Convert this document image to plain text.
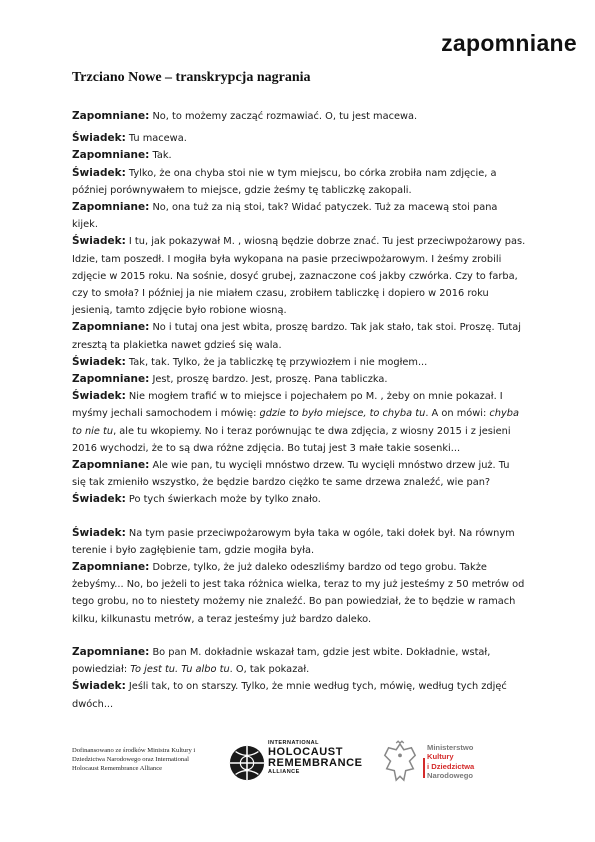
zapomniane
Trzciano Nowe – transkrypcja nagrania

Zapomniane: No, to możemy zacząć rozmawiać. O, tu jest macewa.

Świadek: Tu macewa.

Zapomniane: Tak.

Świadek: Tylko, że ona chyba stoi nie w tym miejscu, bo córka zrobiła nam zdjęcie, a później porównywałem to miejsce, gdzie żeśmy tę tabliczkę zakopali.

Zapomniane: No, ona tuż za nią stoi, tak? Widać patyczek. Tuż za macewą stoi pana kijek.

Świadek: I tu, jak pokazywał M. , wiosną będzie dobrze znać. Tu jest przeciwpożarowy pas. Idzie, tam poszedł. I mogiła była wykopana na pasie przeciwpożarowym. I żeśmy zrobili zdjęcie w 2015 roku. Na sośnie, dosyć grubej, zaznaczone coś jakby czwórka. Czy to farba, czy to smoła? I później ja nie miałem czasu, zrobiłem tabliczkę i dopiero w 2016 roku jesienią, tamto zdjęcie było robione wiosną.

Zapomniane: No i tutaj ona jest wbita, proszę bardzo. Tak jak stało, tak stoi. Proszę. Tutaj zresztą ta plakietka nawet gdzieś się wala.

Świadek: Tak, tak. Tylko, że ja tabliczkę tę przywiozłem i nie mogłem...

Zapomniane: Jest, proszę bardzo. Jest, proszę. Pana tabliczka.

Świadek: Nie mogłem trafić w to miejsce i pojechałem po M. , żeby on mnie pokazał. I myśmy jechali samochodem i mówię: gdzie to było miejsce, to chyba tu. A on mówi: chyba to nie tu, ale tu wkopiemy. No i teraz porównując te dwa zdjęcia, z wiosny 2015 i z jesieni 2016 wychodzi, że to są dwa różne zdjęcia. Bo tutaj jest 3 małe takie sosenki...

Zapomniane: Ale wie pan, tu wycięli mnóstwo drzew. Tu wycięli mnóstwo drzew już. Tu się tak zmieniło wszystko, że będzie bardzo ciężko te same drzewa znaleźć, wie pan?

Świadek: Po tych świerkach może by tylko znało.

Świadek: Na tym pasie przeciwpożarowym była taka w ogóle, taki dołek był. Na równym terenie i było zagłębienie tam, gdzie mogiła była.

Zapomniane: Dobrze, tylko, że już daleko odeszliśmy bardzo od tego grobu. Także żebyśmy... No, bo jeżeli to jest taka różnica wielka, teraz to my już jesteśmy z 50 metrów od tego grobu, no to niestety możemy nie znaleźć. Bo pan powiedział, że to będzie w ramach kilku, kilkunastu metrów, a teraz jesteśmy już bardzo daleko.

Zapomniane: Bo pan M. dokładnie wskazał tam, gdzie jest wbite. Dokładnie, wstał, powiedział: To jest tu. Tu albo tu. O, tak pokazał.

Świadek: Jeśli tak, to on starszy. Tylko, że mnie według tych, mówię, według tych zdjęć dwóch...

Dofinansowano ze środków Ministra Kultury i Dziedzictwa Narodowego oraz International Holocaust Remembrance Alliance
INTERNATIONAL
HOLOCAUST
REMEMBRANCE
ALLIANCE
Ministerstwo
Kultury
i Dziedzictwa
Narodowego
